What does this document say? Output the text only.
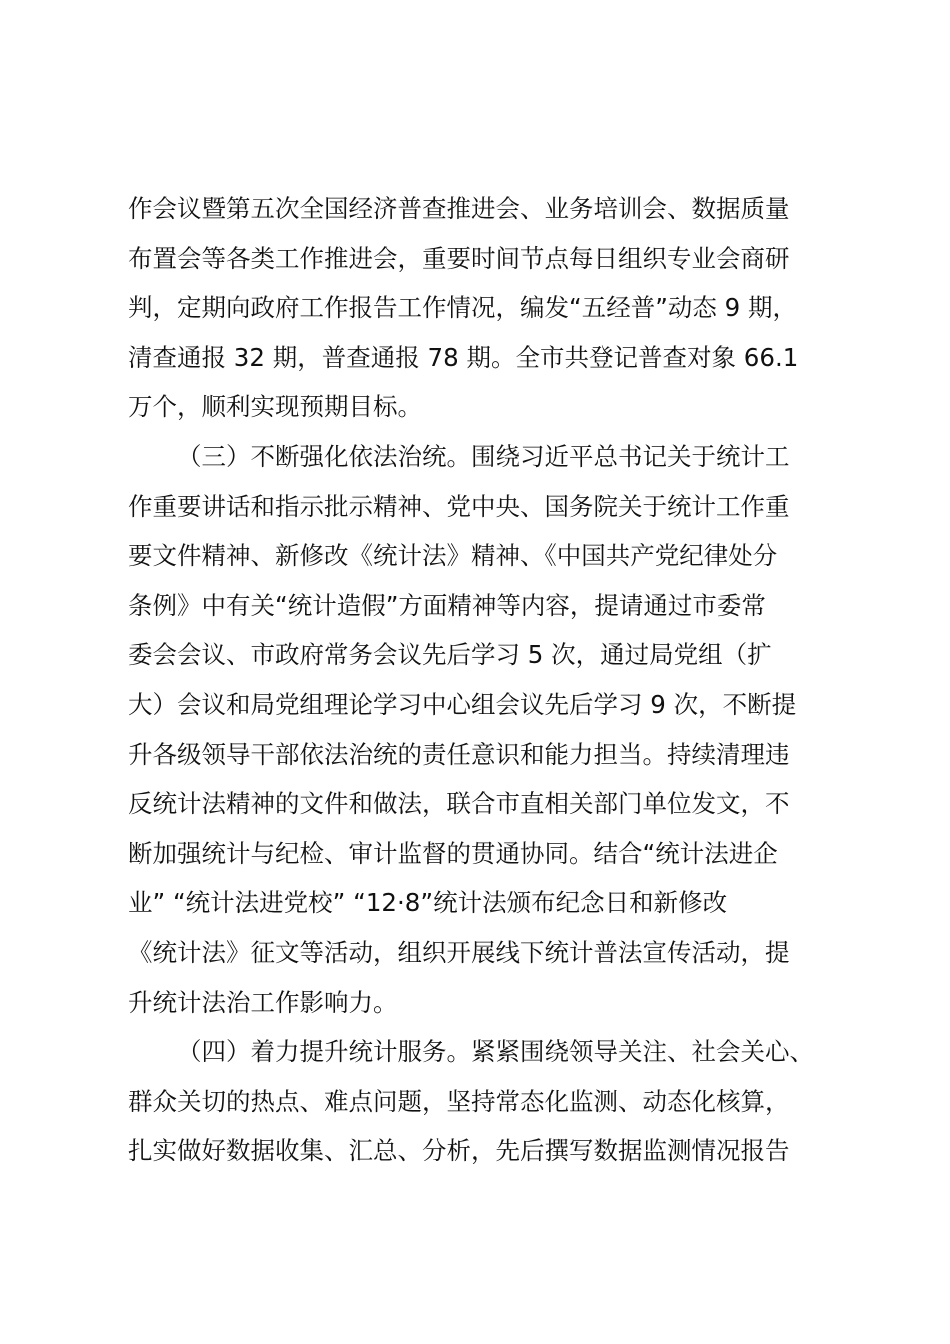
作会议暨第五次全国经济普查推进会、业务培训会、数据质量
布置会等各类工作推进会，重要时间节点每日组织专业会商研
判，定期向政府工作报告工作情况，编发“五经普”动态 9 期，
清查通报 32 期，普查通报 78 期。全市共登记普查对象 66.1
万个，顺利实现预期目标。
（三）不断强化依法治统。围绕习近平总书记关于统计工
作重要讲话和指示批示精神、党中央、国务院关于统计工作重
要文件精神、新修改《统计法》精神、《中国共产党纪律处分
条例》中有关“统计造假”方面精神等内容，提请通过市委常
委会会议、市政府常务会议先后学习 5 次，通过局党组（扩
大）会议和局党组理论学习中心组会议先后学习 9 次，不断提
升各级领导干部依法治统的责任意识和能力担当。持续清理违
反统计法精神的文件和做法，联合市直相关部门单位发文，不
断加强统计与纪检、审计监督的贯通协同。结合“统计法进企
业” “统计法进党校” “12·8”统计法颁布纪念日和新修改
《统计法》征文等活动，组织开展线下统计普法宣传活动，提
升统计法治工作影响力。
（四）着力提升统计服务。紧紧围绕领导关注、社会关心、
群众关切的热点、难点问题，坚持常态化监测、动态化核算，
扎实做好数据收集、汇总、分析，先后撰写数据监测情况报告
